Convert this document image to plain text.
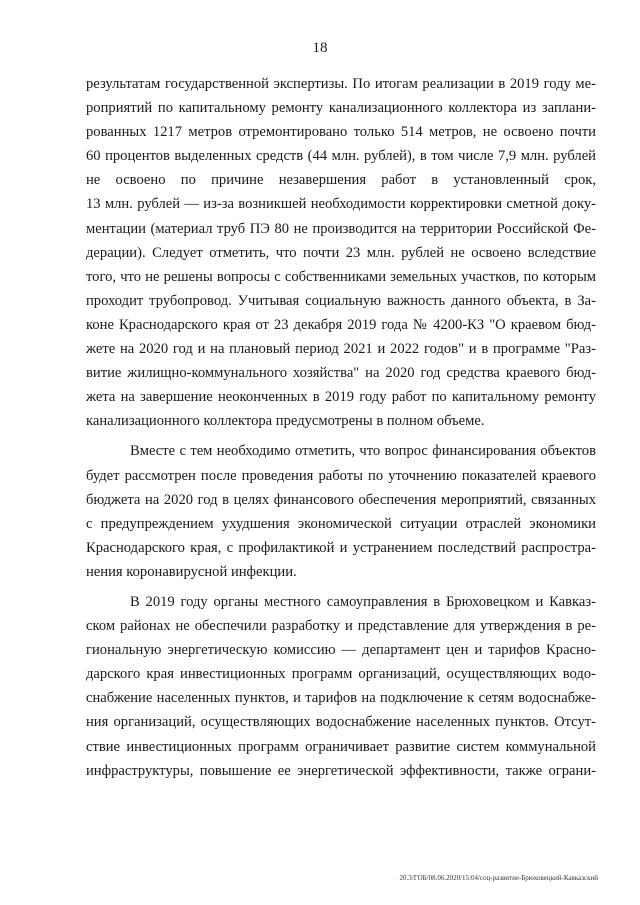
18
результатам государственной экспертизы. По итогам реализации в 2019 году ме-
роприятий по капитальному ремонту канализационного коллектора из заплани-
рованных 1217 метров отремонтировано только 514 метров, не освоено почти
60 процентов выделенных средств (44 млн. рублей), в том числе 7,9 млн. рублей
не освоено по причине незавершения работ в установленный срок,
13 млн. рублей — из-за возникшей необходимости корректировки сметной доку-
ментации (материал труб ПЭ 80 не производится на территории Российской Фе-
дерации). Следует отметить, что почти 23 млн. рублей не освоено вследствие
того, что не решены вопросы с собственниками земельных участков, по которым
проходит трубопровод. Учитывая социальную важность данного объекта, в За-
коне Краснодарского края от 23 декабря 2019 года № 4200-КЗ "О краевом бюд-
жете на 2020 год и на плановый период 2021 и 2022 годов" и в программе "Раз-
витие жилищно-коммунального хозяйства" на 2020 год средства краевого бюд-
жета на завершение неоконченных в 2019 году работ по капитальному ремонту
канализационного коллектора предусмотрены в полном объеме.
Вместе с тем необходимо отметить, что вопрос финансирования объектов
будет рассмотрен после проведения работы по уточнению показателей краевого
бюджета на 2020 год в целях финансового обеспечения мероприятий, связанных
с предупреждением ухудшения экономической ситуации отраслей экономики
Краснодарского края, с профилактикой и устранением последствий распростра-
нения коронавирусной инфекции.
В 2019 году органы местного самоуправления в Брюховецком и Кавказ-
ском районах не обеспечили разработку и представление для утверждения в ре-
гиональную энергетическую комиссию — департамент цен и тарифов Красно-
дарского края инвестиционных программ организаций, осуществляющих водо-
снабжение населенных пунктов, и тарифов на подключение к сетям водоснабже-
ния организаций, осуществляющих водоснабжение населенных пунктов. Отсут-
ствие инвестиционных программ ограничивает развитие систем коммунальной
инфраструктуры, повышение ее энергетической эффективности, также ограни-
20.3/ГОБ/08.06.2020/15:04/соц-развитие-Брюховецкий-Кавказский
